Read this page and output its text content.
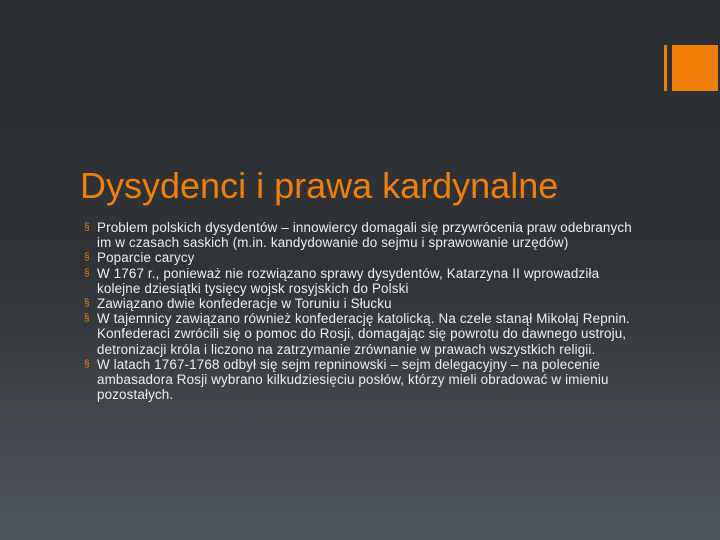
Dysydenci i prawa kardynalne
§ Problem polskich dysydentów – innowiercy domagali się przywrócenia praw odebranych im w czasach saskich (m.in. kandydowanie do sejmu i sprawowanie urzędów)
§ Poparcie carycy
§ W 1767 r., ponieważ nie rozwiązano sprawy dysydentów, Katarzyna II wprowadziła kolejne dziesiątki tysięcy wojsk rosyjskich do Polski
§ Zawiązano dwie konfederacje w Toruniu i Słucku
§ W tajemnicy zawiązano również konfederację katolicką. Na czele stanął Mikołaj Repnin. Konfederaci zwrócili się o pomoc do Rosji, domagając się powrotu do dawnego ustroju, detronizacji króla i liczono na zatrzymanie zrównanie w prawach wszystkich religii.
§ W latach 1767-1768 odbył się sejm repninowski – sejm delegacyjny – na polecenie ambasadora Rosji wybrano kilkudziesięciu posłów, którzy mieli obradować w imieniu pozostałych.
